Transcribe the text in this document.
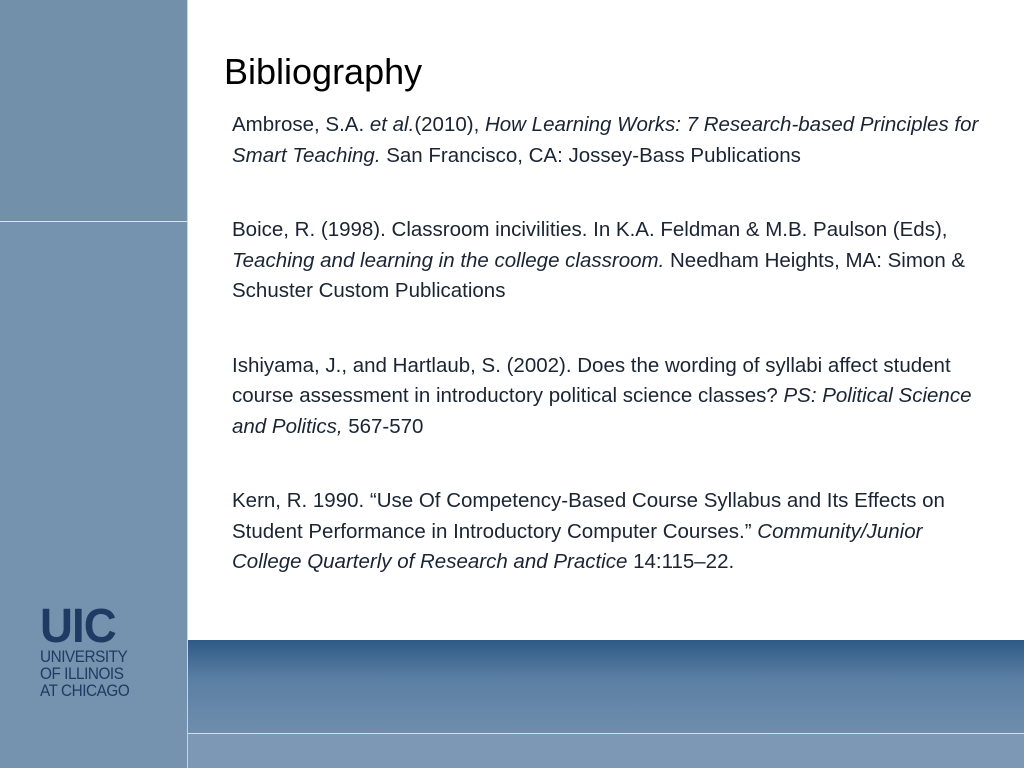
UIC
UNIVERSITY
OF ILLINOIS
AT CHICAGO
Bibliography

Ambrose, S.A. et al.(2010), How Learning Works: 7 Research-based Principles for Smart Teaching. San Francisco, CA: Jossey-Bass Publications

Boice, R. (1998). Classroom incivilities. In K.A. Feldman & M.B. Paulson (Eds), Teaching and learning in the college classroom. Needham Heights, MA: Simon & Schuster Custom Publications

Ishiyama, J., and Hartlaub, S. (2002). Does the wording of syllabi affect student course assessment in introductory political science classes? PS: Political Science and Politics, 567-570

Kern, R. 1990. “Use Of Competency-Based Course Syllabus and Its Effects on Student Performance in Introductory Computer Courses.” Community/Junior College Quarterly of Research and Practice 14:115–22.
